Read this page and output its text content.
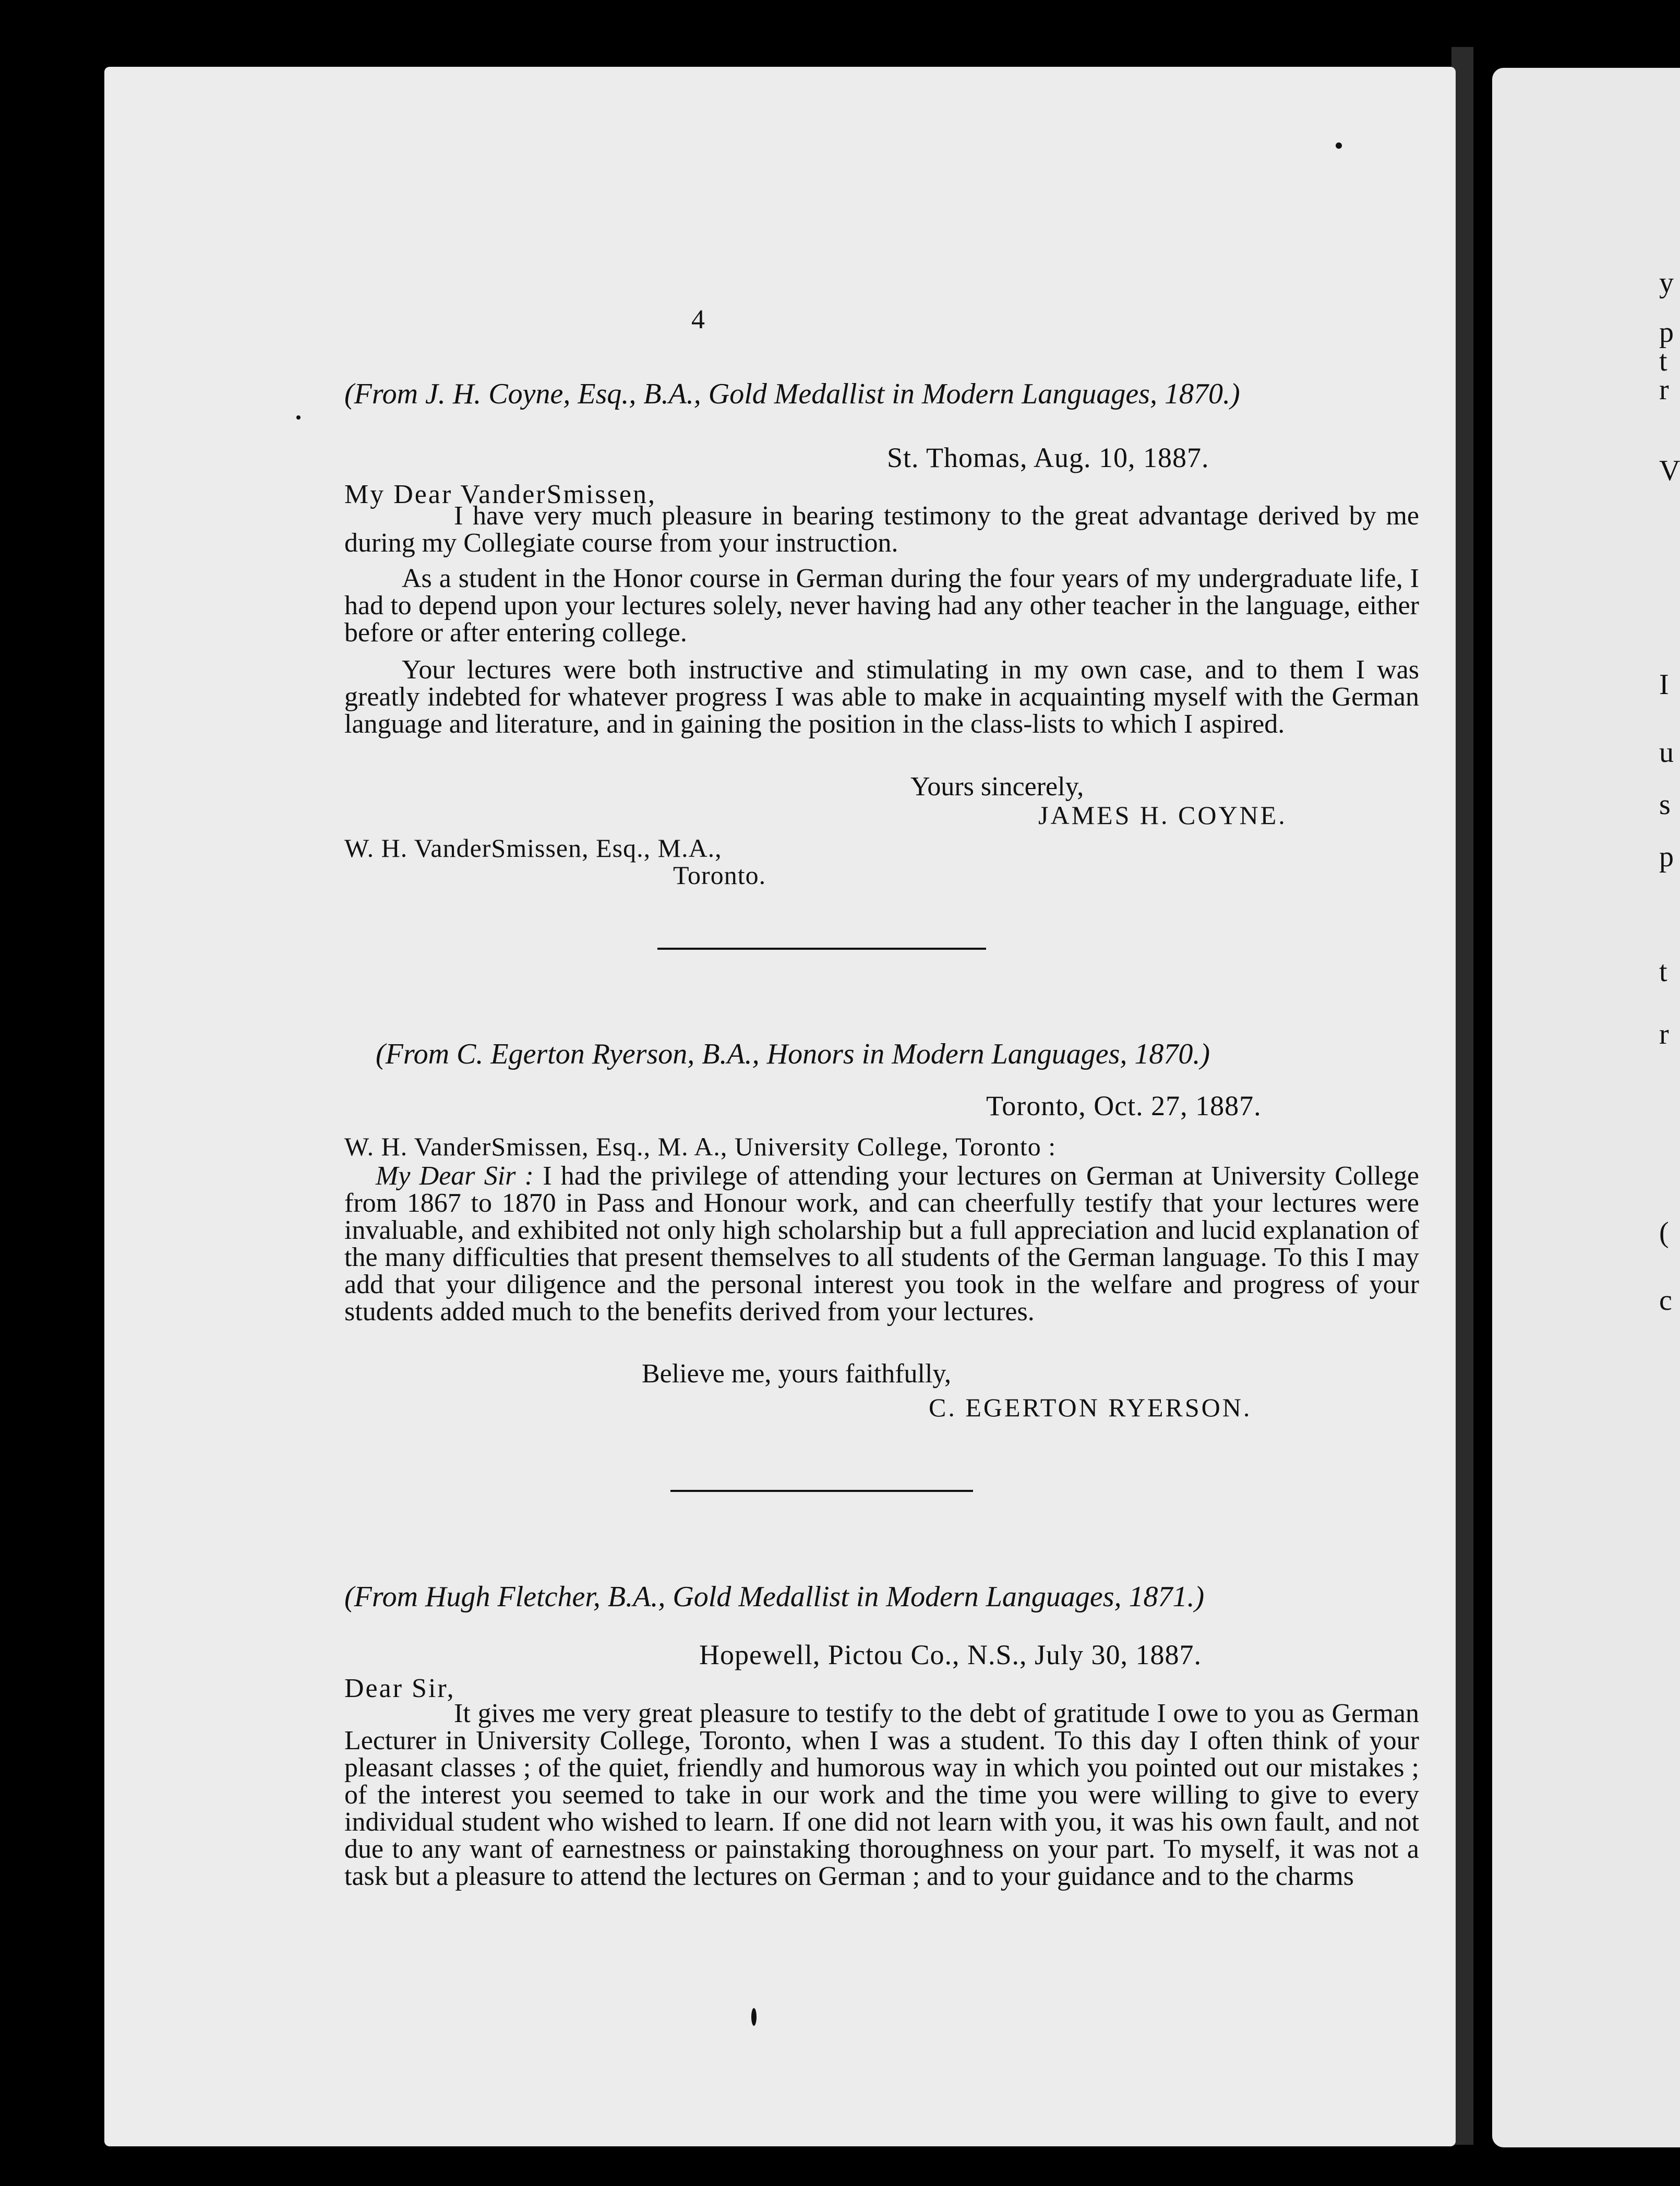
4
(From J. H. Coyne, Esq., B.A., Gold Medallist in Modern Languages, 1870.)
St. Thomas, Aug. 10, 1887.
My Dear VanderSmissen,
I have very much pleasure in bearing testimony to the great advantage derived by me during my Collegiate course from your instruction.
As a student in the Honor course in German during the four years of my undergraduate life, I had to depend upon your lectures solely, never having had any other teacher in the language, either before or after entering college.
Your lectures were both instructive and stimulating in my own case, and to them I was greatly indebted for whatever progress I was able to make in acquainting myself with the German language and literature, and in gaining the position in the class-lists to which I aspired.
Yours sincerely,
JAMES H. COYNE.
W. H. VanderSmissen, Esq., M.A.,
Toronto.
(From C. Egerton Ryerson, B.A., Honors in Modern Languages, 1870.)
Toronto, Oct. 27, 1887.
W. H. VanderSmissen, Esq., M. A., University College, Toronto :
My Dear Sir : I had the privilege of attending your lectures on German at University College from 1867 to 1870 in Pass and Honour work, and can cheerfully testify that your lectures were invaluable, and exhibited not only high scholarship but a full appreciation and lucid explanation of the many difficulties that present themselves to all students of the German language. To this I may add that your diligence and the personal interest you took in the welfare and progress of your students added much to the benefits derived from your lectures.
Believe me, yours faithfully,
C. EGERTON RYERSON.
(From Hugh Fletcher, B.A., Gold Medallist in Modern Languages, 1871.)
Hopewell, Pictou Co., N.S., July 30, 1887.
Dear Sir,
It gives me very great pleasure to testify to the debt of gratitude I owe to you as German Lecturer in University College, Toronto, when I was a student. To this day I often think of your pleasant classes ; of the quiet, friendly and humorous way in which you pointed out our mistakes ; of the interest you seemed to take in our work and the time you were willing to give to every individual student who wished to learn. If one did not learn with you, it was his own fault, and not due to any want of earnestness or painstaking thoroughness on your part. To myself, it was not a task but a pleasure to attend the lectures on German ; and to your guidance and to the charms
y
p
t
r
V
I
u
s
p
t
r
(
c
